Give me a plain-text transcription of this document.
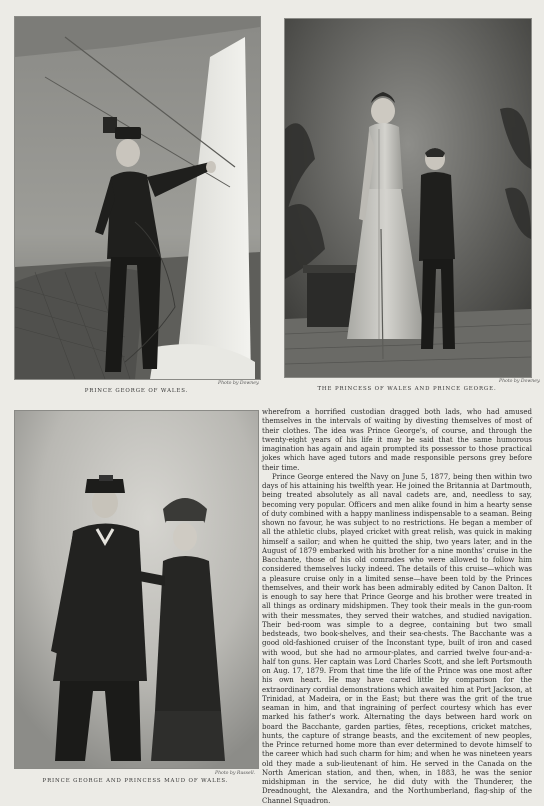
Photo by Downey.
PRINCE GEORGE OF WALES.
Photo by Downey.
THE PRINCESS OF WALES AND PRINCE GEORGE.
Photo by Russell.
PRINCE GEORGE AND PRINCESS MAUD OF WALES.

wherefrom a horrified custodian dragged both lads, who had amused themselves in the intervals of waiting by divesting themselves of most of their clothes. The idea was Prince George's, of course, and through the twenty-eight years of his life it may be said that the same humorous imagination has again and again prompted its possessor to those practical jokes which have aged tutors and made responsible persons grey before their time.

Prince George entered the Navy on June 5, 1877, being then within two days of his attaining his twelfth year. He joined the Britannia at Dartmouth, being treated absolutely as all naval cadets are, and, needless to say, becoming very popular. Officers and men alike found in him a hearty sense of duty combined with a happy manliness indispensable to a seaman. Being shown no favour, he was subject to no restrictions. He began a member of all the athletic clubs, played cricket with great relish, was quick in making himself a sailor; and when he quitted the ship, two years later, and in the August of 1879 embarked with his brother for a nine months' cruise in the Bacchante, those of his old comrades who were allowed to follow him considered themselves lucky indeed. The details of this cruise—which was a pleasure cruise only in a limited sense—have been told by the Princes themselves, and their work has been admirably edited by Canon Dalton. It is enough to say here that Prince George and his brother were treated in all things as ordinary midshipmen. They took their meals in the gun-room with their messmates, they served their watches, and studied navigation. Their bed-room was simple to a degree, containing but two small bedsteads, two book-shelves, and their sea-chests. The Bacchante was a good old-fashioned cruiser of the Inconstant type, built of iron and cased with wood, but she had no armour-plates, and carried twelve four-and-a-half ton guns. Her captain was Lord Charles Scott, and she left Portsmouth on Aug. 17, 1879. From that time the life of the Prince was one most after his own heart. He may have cared little by comparison for the extraordinary cordial demonstrations which awaited him at Port Jackson, at Trinidad, at Madeira, or in the East; but there was the grit of the true seaman in him, and that ingraining of perfect courtesy which has ever marked his father's work. Alternating the days between hard work on board the Bacchante, garden parties, fêtes, receptions, cricket matches, hunts, the capture of strange beasts, and the excitement of new peoples, the Prince returned home more than ever determined to devote himself to the career which had such charm for him; and when he was nineteen years old they made a sub-lieutenant of him. He served in the Canada on the North American station, and then, when, in 1883, he was the senior midshipman in the service, he did duty with the Thunderer, the Dreadnought, the Alexandra, and the Northumberland, flag-ship of the Channel Squadron.
